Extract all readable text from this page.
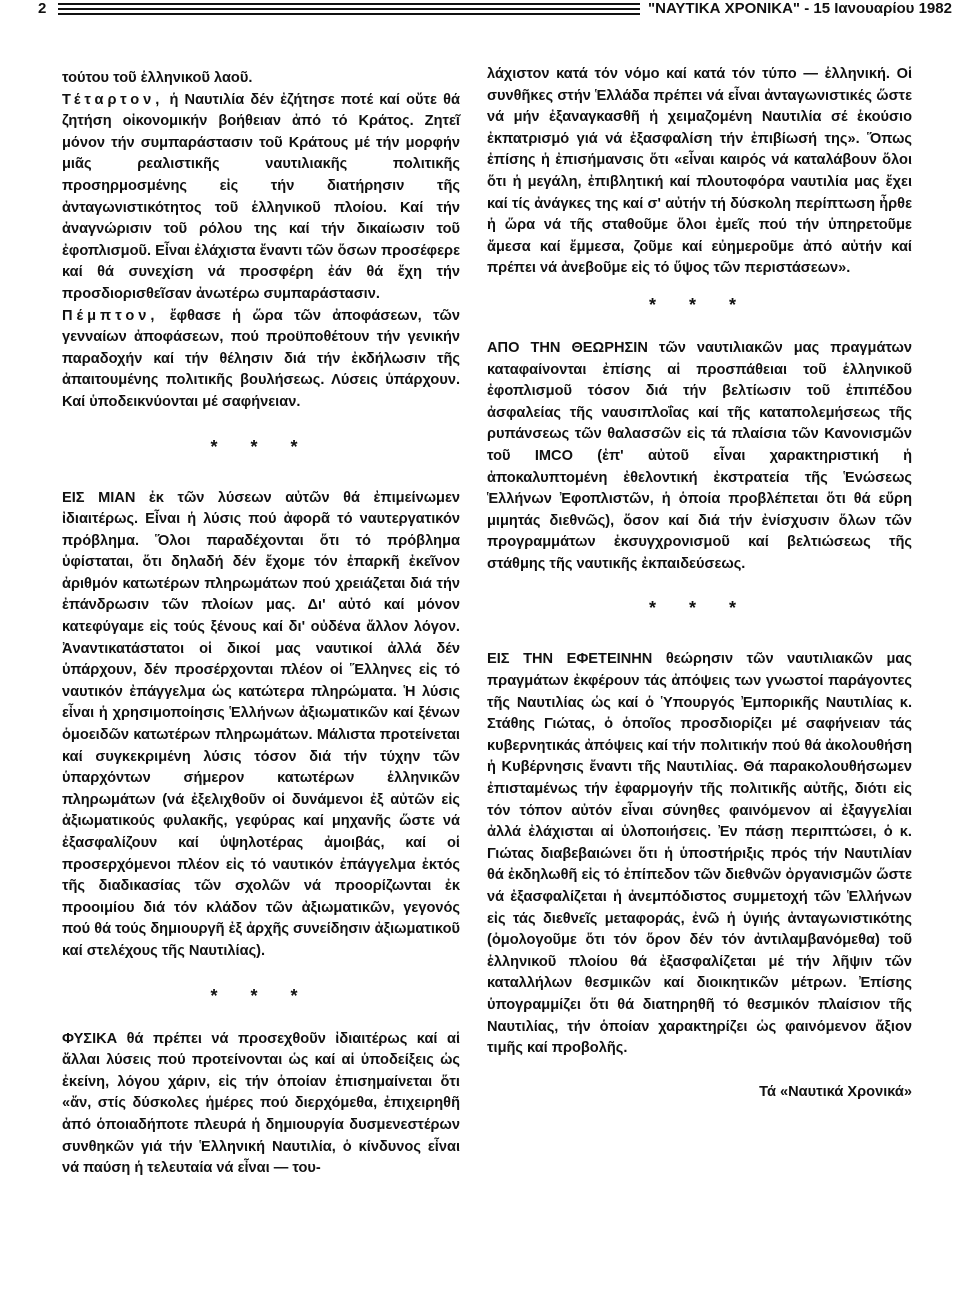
2	"ΝΑΥΤΙΚΑ ΧΡΟΝΙΚΑ" - 15 Ιανουαρίου 1982

τούτου τοῦ ἑλληνικοῦ λαοῦ.

Τέταρτον, ἡ Ναυτιλία δέν ἐζήτησε ποτέ καί οὔτε θά ζητήση οἰκονομικήν βοήθειαν ἀπό τό Κράτος. Ζητεῖ μόνον τήν συμπαράστασιν τοῦ Κράτους μέ τήν μορφήν μιᾶς ρεαλιστικῆς ναυτιλιακῆς πολιτικῆς προσηρμοσμένης εἰς τήν διατήρησιν τῆς ἀνταγωνιστικότητος τοῦ ἑλληνικοῦ πλοίου. Καί τήν ἀναγνώρισιν τοῦ ρόλου της καί τήν δικαίωσιν τοῦ ἐφοπλισμοῦ. Εἶναι ἐλάχιστα ἔναντι τῶν ὅσων προσέφερε καί θά συνεχίση νά προσφέρη ἐάν θά ἔχη τήν προσδιορισθεῖσαν ἀνωτέρω συμπαράστασιν.

Πέμπτον, ἔφθασε ἡ ὥρα τῶν ἀποφάσεων, τῶν γενναίων ἀποφάσεων, πού προϋποθέτουν τήν γενικήν παραδοχήν καί τήν θέλησιν διά τήν ἐκδήλωσιν τῆς ἀπαιτουμένης πολιτικῆς βουλήσεως. Λύσεις ὑπάρχουν. Καί ὑποδεικνύονται μέ σαφήνειαν.

* * *

ΕΙΣ ΜΙΑΝ ἐκ τῶν λύσεων αὐτῶν θά ἐπιμείνωμεν ἰδιαιτέρως. Εἶναι ἡ λύσις πού ἀφορᾶ τό ναυτεργατικόν πρόβλημα. Ὅλοι παραδέχονται ὅτι τό πρόβλημα ὑφίσταται, ὅτι δηλαδή δέν ἔχομε τόν ἐπαρκῆ ἐκεῖνον ἀριθμόν κατωτέρων πληρωμάτων πού χρειάζεται διά τήν ἐπάνδρωσιν τῶν πλοίων μας. Δι' αὐτό καί μόνον κατεφύγαμε εἰς τούς ξένους καί δι' οὐδένα ἄλλον λόγον. Ἀναντικατάστατοι οἱ δικοί μας ναυτικοί ἀλλά δέν ὑπάρχουν, δέν προσέρχονται πλέον οἱ Ἕλληνες εἰς τό ναυτικόν ἐπάγγελμα ὡς κατώτερα πληρώματα. Ἡ λύσις εἶναι ἡ χρησιμοποίησις Ἑλλήνων ἀξιωματικῶν καί ξένων ὁμοειδῶν κατωτέρων πληρωμάτων. Μάλιστα προτείνεται καί συγκεκριμένη λύσις τόσον διά τήν τύχην τῶν ὑπαρχόντων σήμερον κατωτέρων ἑλληνικῶν πληρωμάτων (νά ἐξελιχθοῦν οἱ δυνάμενοι ἐξ αὐτῶν εἰς ἀξιωματικούς φυλακῆς, γεφύρας καί μηχανῆς ὥστε νά ἐξασφαλίζουν καί ὑψηλοτέρας ἀμοιβάς, καί οἱ προσερχόμενοι πλέον εἰς τό ναυτικόν ἐπάγγελμα ἐκτός τῆς διαδικασίας τῶν σχολῶν νά προορίζωνται ἐκ προοιμίου διά τόν κλάδον τῶν ἀξιωματικῶν, γεγονός πού θά τούς δημιουργῆ ἐξ ἀρχῆς συνείδησιν ἀξιωματικοῦ καί στελέχους τῆς Ναυτιλίας).

* * *

ΦΥΣΙΚΑ θά πρέπει νά προσεχθοῦν ἰδιαιτέρως καί αἱ ἄλλαι λύσεις πού προτείνονται ὡς καί αἱ ὑποδείξεις ὡς ἐκείνη, λόγου χάριν, εἰς τήν ὁποίαν ἐπισημαίνεται ὅτι «ἄν, στίς δύσκολες ἡμέρες πού διερχόμεθα, ἐπιχειρηθῆ ἀπό ὁποιαδήποτε πλευρά ἡ δημιουργία δυσμενεστέρων συνθηκῶν γιά τήν Ἑλληνική Ναυτιλία, ὁ κίνδυνος εἶναι νά παύση ἡ τελευταία νά εἶναι — του-

λάχιστον κατά τόν νόμο καί κατά τόν τύπο — ἑλληνική. Οἱ συνθῆκες στήν Ἑλλάδα πρέπει νά εἶναι ἀνταγωνιστικές ὥστε νά μήν ἐξαναγκασθῆ ἡ χειμαζομένη Ναυτιλία σέ ἑκούσιο ἐκπατρισμό γιά νά ἐξασφαλίση τήν ἐπιβίωσή της». Ὅπως ἐπίσης ἡ ἐπισήμανσις ὅτι «εἶναι καιρός νά καταλάβουν ὅλοι ὅτι ἡ μεγάλη, ἐπιβλητική καί πλουτοφόρα ναυτιλία μας ἔχει καί τίς ἀνάγκες της καί σ' αὐτήν τή δύσκολη περίπτωση ἦρθε ἡ ὥρα νά τῆς σταθοῦμε ὅλοι ἐμεῖς πού τήν ὑπηρετοῦμε ἄμεσα καί ἔμμεσα, ζοῦμε καί εὐημεροῦμε ἀπό αὐτήν καί πρέπει νά ἀνεβοῦμε εἰς τό ὕψος τῶν περιστάσεων».

* * *

ΑΠΟ ΤΗΝ ΘΕΩΡΗΣΙΝ τῶν ναυτιλιακῶν μας πραγμάτων καταφαίνονται ἐπίσης αἱ προσπάθειαι τοῦ ἑλληνικοῦ ἐφοπλισμοῦ τόσον διά τήν βελτίωσιν τοῦ ἐπιπέδου ἀσφαλείας τῆς ναυσιπλοΐας καί τῆς καταπολεμήσεως τῆς ρυπάνσεως τῶν θαλασσῶν εἰς τά πλαίσια τῶν Κανονισμῶν τοῦ IMCO (ἐπ' αὐτοῦ εἶναι χαρακτηριστική ἡ ἀποκαλυπτομένη ἐθελοντική ἐκστρατεία τῆς Ἑνώσεως Ἑλλήνων Ἐφοπλιστῶν, ἡ ὁποία προβλέπεται ὅτι θά εὕρη μιμητάς διεθνῶς), ὅσον καί διά τήν ἐνίσχυσιν ὅλων τῶν προγραμμάτων ἐκσυγχρονισμοῦ καί βελτιώσεως τῆς στάθμης τῆς ναυτικῆς ἐκπαιδεύσεως.

* * *

ΕΙΣ ΤΗΝ ΕΦΕΤΕΙΝΗΝ θεώρησιν τῶν ναυτιλιακῶν μας πραγμάτων ἐκφέρουν τάς ἀπόψεις των γνωστοί παράγοντες τῆς Ναυτιλίας ὡς καί ὁ Ὑπουργός Ἐμπορικῆς Ναυτιλίας κ. Στάθης Γιώτας, ὁ ὁποῖος προσδιορίζει μέ σαφήνειαν τάς κυβερνητικάς ἀπόψεις καί τήν πολιτικήν πού θά ἀκολουθήση ἡ Κυβέρνησις ἔναντι τῆς Ναυτιλίας. Θά παρακολουθήσωμεν ἐπισταμένως τήν ἐφαρμογήν τῆς πολιτικῆς αὐτῆς, διότι εἰς τόν τόπον αὐτόν εἶναι σύνηθες φαινόμενον αἱ ἐξαγγελίαι ἀλλά ἐλάχισται αἱ ὑλοποιήσεις. Ἐν πάσῃ περιπτώσει, ὁ κ. Γιώτας διαβεβαιώνει ὅτι ἡ ὑποστήριξις πρός τήν Ναυτιλίαν θά ἐκδηλωθῆ εἰς τό ἐπίπεδον τῶν διεθνῶν ὀργανισμῶν ὥστε νά ἐξασφαλίζεται ἡ ἀνεμπόδιστος συμμετοχή τῶν Ἑλλήνων εἰς τάς διεθνεῖς μεταφοράς, ἐνῶ ἡ ὑγιής ἀνταγωνιστικότης (ὁμολογοῦμε ὅτι τόν ὅρον δέν τόν ἀντιλαμβανόμεθα) τοῦ ἑλληνικοῦ πλοίου θά ἐξασφαλίζεται μέ τήν λῆψιν τῶν καταλλήλων θεσμικῶν καί διοικητικῶν μέτρων. Ἐπίσης ὑπογραμμίζει ὅτι θά διατηρηθῆ τό θεσμικόν πλαίσιον τῆς Ναυτιλίας, τήν ὁποίαν χαρακτηρίζει ὡς φαινόμενον ἄξιον τιμῆς καί προβολῆς.

Τά «Ναυτικά Χρονικά»
